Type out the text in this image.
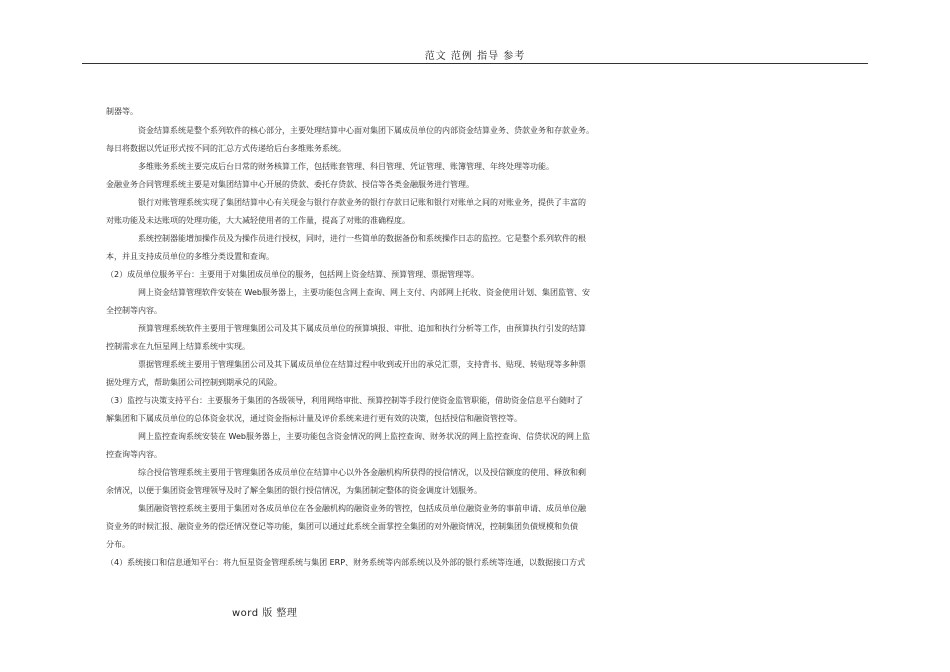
范文 范例 指导 参考
制器等。
资金结算系统是整个系列软件的核心部分，主要处理结算中心面对集团下属成员单位的内部资金结算业务、贷款业务和存款业务。
每日将数据以凭证形式按不同的汇总方式传递给后台多维账务系统。
多维账务系统主要完成后台日常的财务核算工作，包括账套管理、科目管理、凭证管理、账簿管理、年终处理等功能。
金融业务合同管理系统主要是对集团结算中心开展的贷款、委托存贷款、授信等各类金融服务进行管理。
银行对账管理系统实现了集团结算中心有关现金与银行存款业务的银行存款日记账和银行对账单之间的对账业务，提供了丰富的
对账功能及未达账项的处理功能，大大减轻使用者的工作量，提高了对账的准确程度。
系统控制器能增加操作员及为操作员进行授权，同时，进行一些简单的数据备份和系统操作日志的监控。它是整个系列软件的根
本，并且支持成员单位的多维分类设置和查询。
（2）成员单位服务平台：主要用于对集团成员单位的服务，包括网上资金结算、预算管理、票据管理等。
网上资金结算管理软件安装在 Web服务器上，主要功能包含网上查询、网上支付、内部网上托收、资金使用计划、集团监管、安
全控制等内容。
预算管理系统软件主要用于管理集团公司及其下属成员单位的预算填报、审批、追加和执行分析等工作，由预算执行引发的结算
控制需求在九恒星网上结算系统中实现。
票据管理系统主要用于管理集团公司及其下属成员单位在结算过程中收到或开出的承兑汇票，支持背书、贴现、转贴现等多种票
据处理方式，帮助集团公司控制到期承兑的风险。
（3）监控与决策支持平台：主要服务于集团的各级领导，利用网络审批、预算控制等手段行使资金监管职能，借助资金信息平台随时了
解集团和下属成员单位的总体资金状况，通过资金指标计量及评价系统来进行更有效的决策，包括授信和融资管控等。
网上监控查询系统安装在 Web服务器上，主要功能包含资金情况的网上监控查询、财务状况的网上监控查询、信贷状况的网上监
控查询等内容。
综合授信管理系统主要用于管理集团各成员单位在结算中心以外各金融机构所获得的授信情况，以及授信额度的使用、释放和剩
余情况，以便于集团资金管理领导及时了解全集团的银行授信情况，为集团制定整体的资金调度计划服务。
集团融资管控系统主要用于集团对各成员单位在各金融机构的融资业务的管控，包括成员单位融资业务的事前申请、成员单位融
资业务的时候汇报、融资业务的偿还情况登记等功能，集团可以通过此系统全面掌控全集团的对外融资情况，控制集团负债规模和负债
分布。
（4）系统接口和信息通知平台：将九恒星资金管理系统与集团 ERP、财务系统等内部系统以及外部的银行系统等连通，以数据接口方式
word 版 整理
